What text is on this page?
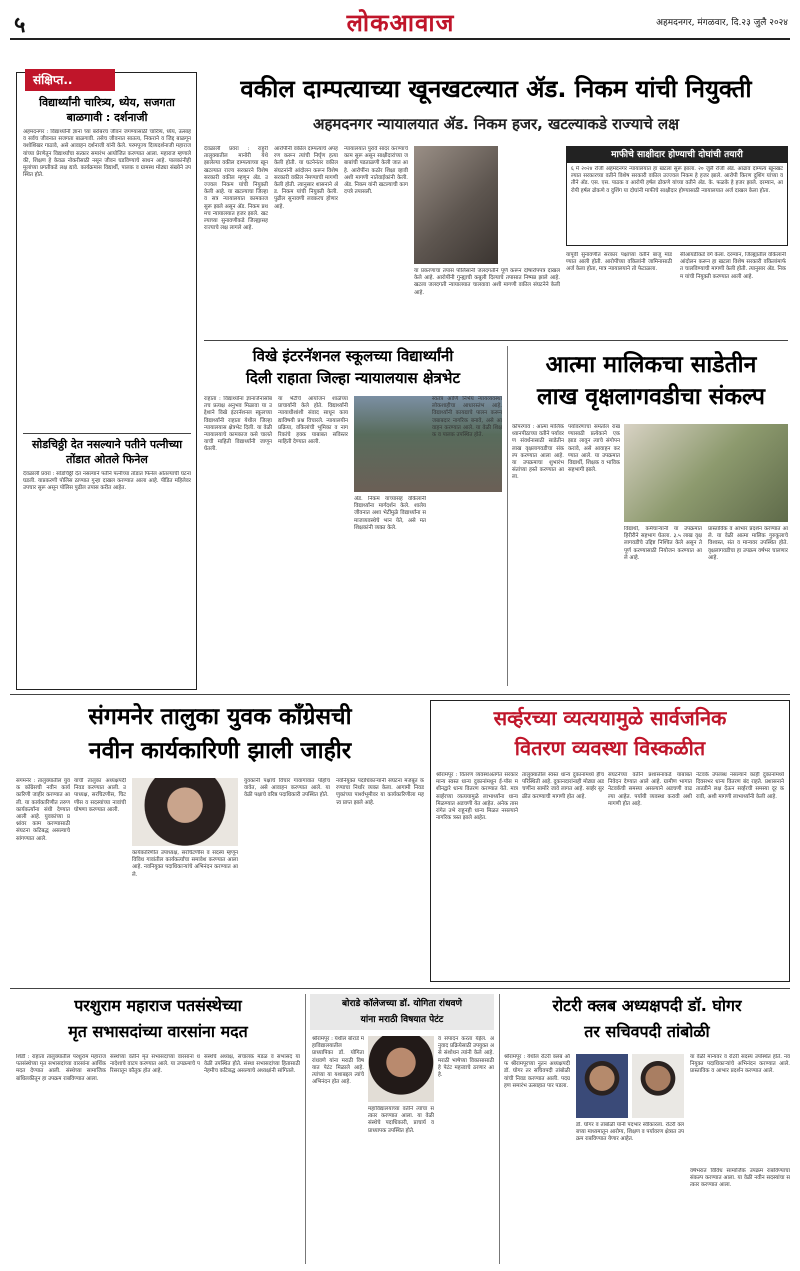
५	लोकआवाज	अहमदनगर, मंगळवार, दि.२३ जुलै २०२४
संक्षिप्त..
विद्यार्थ्यांनी चारित्र्य, ध्येय, सजगता बाळगावी : दर्शनाजी
अहमदनगर : विद्यार्थ्यांनी ज्ञाना च्या बरोबरच जीवन जगण्यासाठी चारित्र्य, ध्येय, उत्साह व सर्वच जीवनात सजगता बाळगावी. तसेच जीवनात सातत्य, निकराने व जिद्द बाळगून यशोशिखर गाठावे, असे आवाहन दर्शनाजी यांनी केले. परमपूज्य दिव्यदर्शनाजी महाराज यांच्या प्रेरणेतून विद्यार्थ्यांचा सत्कार समारंभ आयोजित करण्यात आला. महाराज म्हणाले की, शिक्षण हे केवळ नोकरीसाठी नसून जीवन घडविण्याचे साधन आहे. पालकांनीही मुलांच्या प्रगतीकडे लक्ष द्यावे. कार्यक्रमास विद्यार्थी, पालक व ग्रामस्थ मोठ्या संख्येने उपस्थित होते.
सोडचिठ्ठी देत नसल्याने पतीने पत्नीच्या तोंडात ओतले फिनेल
देवळाली प्रवरा : सोडचिठ्ठी देत नसल्याने पतीने पत्नीच्या तोंडात फिनेल ओतल्याची घटना घडली. याप्रकरणी पोलिस ठाण्यात गुन्हा दाखल करण्यात आला आहे. पीडित महिलेवर उपचार सुरू असून पोलिस पुढील तपास करीत आहेत.
वकील दाम्पत्याच्या खूनखटल्यात ॲड. निकम यांची नियुक्ती
अहमदनगर न्यायालयात ॲड. निकम हजर, खटल्याकडे राज्याचे लक्ष
देवळाली प्रवरा : राहुरी तालुक्यातील मानोरी येथे झालेल्या वकील दाम्पत्याच्या खून खटल्यात राज्य सरकारने विशेष सरकारी वकील म्हणून ॲड. उज्ज्वल निकम यांची नियुक्ती केली आहे. या खटल्याचा जिल्हा व सत्र न्यायालयात कामकाज सुरू झाले असून ॲड. निकम प्रथमच न्यायालयात हजर झाले. खटल्याच्या सुनावणीकडे जिल्ह्यासह राज्याचे लक्ष लागले आहे.
आरोपींनी वकील दाम्पत्याचे अपहरण करून त्यांची निर्घृण हत्या केली होती. या घटनेनंतर वकील संघटनांनी आंदोलन करून विशेष सरकारी वकील नेमण्याची मागणी केली होती. त्यानुसार शासनाने ॲड. निकम यांची नियुक्ती केली. पुढील सुनावणी लवकरच होणार आहे.
न्यायालयात पुरावे सादर करण्याचे काम सुरू असून साक्षीदारांच्या जबाबांची पडताळणी केली जात आहे. आरोपींना कठोर शिक्षा व्हावी अशी मागणी नातेवाईकांनी केली. ॲड. निकम यांनी खटल्याची कागदपत्रे तपासली.
या प्रकरणाचा तपास पोलिसांनी जलदगतीने पूर्ण करून दोषारोपपत्र दाखल केले आहे. आरोपींनी गुन्ह्याची कबुली दिल्याचे तपासात निष्पन्न झाले आहे. खटला जलदगती न्यायालयात चालवावा अशी मागणी वकील संघटनेने केली आहे.
माफीचे साक्षीदार होण्याची दोघांची तयारी
६ मे २०२४ रोजी अहमदनगर न्यायालयात हा खटला सुरू झाला. २० जुलै रोजी ॲड. आढाव दाम्पत्य खूनखटल्यात सरकारच्या वतीने विशेष सरकारी वकील उज्ज्वल निकम हे हजर झाले. आरोपी किरण दुशिंग यांच्या वतीने ॲड. एस. एस. पाठक व आरोपी हर्षल ढोकणे यांच्या वतीने ॲड. के. फळके हे हजर झाले. दरम्यान, आरोपी हर्षल ढोकणे व दुशिंग या दोघांनी माफीचे साक्षीदार होण्यासाठी न्यायालयात अर्ज दाखल केला होता.
यापूर्वी सुनावणीत सरकार पक्षाच्या वतीने बाजू मांडण्यात आली होती. आरोपींच्या वकिलांनी जामिनासाठी अर्ज केला होता, मात्र न्यायालयाने तो फेटाळला.
सीआयडीकडे वर्ग केला. दरम्यान, जिल्ह्यातील वकिलांनी आंदोलन करून हा खटला विशेष सरकारी वकिलांमार्फत चालविण्याची मागणी केली होती. त्यानुसार ॲड. निकम यांची नियुक्ती करण्यात आली आहे.
विखे इंटरनॅशनल स्कूलच्या विद्यार्थ्यांनी
दिली राहाता जिल्हा न्यायालयास क्षेत्रभेट
राहाता : विद्यार्थ्यांना ज्ञानार्जनासोबतच प्रत्यक्ष अनुभव मिळावा या उद्देशाने विखे इंटरनॅशनल स्कूलच्या विद्यार्थ्यांनी राहाता येथील जिल्हा न्यायालयास क्षेत्रभेट दिली. या वेळी न्यायालयाचे कामकाज कसे चालते याची माहिती विद्यार्थ्यांनी जाणून घेतली.
या भेटीचे आयोजन शाळेच्या प्राचार्यांनी केले होते. विद्यार्थ्यांनी न्यायाधीशांशी संवाद साधून कायद्याविषयी प्रश्न विचारले. न्यायालयीन प्रक्रिया, वकिलांची भूमिका व नागरिकांचे हक्क याबाबत सविस्तर माहिती देण्यात आली.
ॲड. निकम यांच्यासह वकिलांनी विद्यार्थ्यांना मार्गदर्शन केले. शालेय जीवनात अशा भेटींमुळे विद्यार्थ्यांना समाजव्यवस्थेचे भान येते, असे मत शिक्षकांनी व्यक्त केले.
स्वतंत्र आणि निर्भय न्यायव्यवस्था लोकशाहीचा आधारस्तंभ आहे. विद्यार्थ्यांनी कायद्याचे पालन करून जबाबदार नागरिक बनावे, असे आवाहन करण्यात आले. या वेळी शिक्षक व पालक उपस्थित होते.
आत्मा मालिकचा साडेतीन
लाख वृक्षलागवडीचा संकल्प
कोपरगाव : आत्मा मालिक ध्यानपीठाच्या वतीने पर्यावरण संवर्धनासाठी साडेतीन लाख वृक्षलागवडीचा संकल्प करण्यात आला आहे. या उपक्रमाचा शुभारंभ संतांच्या हस्ते करण्यात आला.
पर्यावरणाचा समतोल राखण्यासाठी प्रत्येकाने एक झाड लावून त्याचे संगोपन करावे, असे आवाहन करण्यात आले. या उपक्रमात विद्यार्थी, शिक्षक व भाविक सहभागी झाले.
विद्यार्थी, कर्मचाऱ्यांनी या उपक्रमात हिरीरीने सहभाग घेतला. ३.५ लाख वृक्षलागवडीचे उद्दिष्ट निश्चित केले असून ते पूर्ण करण्यासाठी नियोजन करण्यात आले आहे.
प्रास्ताविक व आभार प्रदर्शन करण्यात आले. या वेळी आत्मा मालिक गुरुकुलाचे विश्वस्त, संत व मान्यवर उपस्थित होते. वृक्षलागवडीचा हा उपक्रम वर्षभर चालणार आहे.
संगमनेर तालुका युवक काँग्रेसची
नवीन कार्यकारिणी झाली जाहीर
संगमनेर : तालुक्यातील युवक काँग्रेसची नवीन कार्यकारिणी जाहीर करण्यात आली. या कार्यकारिणीत तरुण कार्यकर्त्यांना संधी देण्यात आली आहे. युवकांच्या प्रश्नांवर काम करण्यासाठी संघटना कटिबद्ध असल्याचे सांगण्यात आले.
यांची तालुका अध्यक्षपदी निवड करण्यात आली. उपाध्यक्ष, सरचिटणीस, चिटणीस व सदस्यांच्या नावांची घोषणा करण्यात आली.
कार्यकारिणीत उपाध्यक्ष, सरचिटणीस व सदस्य म्हणून विविध गावांतील कार्यकर्त्यांचा समावेश करण्यात आला आहे. नवनियुक्त पदाधिकाऱ्यांचे अभिनंदन करण्यात आले.
युवकांनी पक्षाचे विचार गावागावांत पोहोचवावेत, असे आवाहन करण्यात आले. या वेळी पक्षाचे वरिष्ठ पदाधिकारी उपस्थित होते.
नवनियुक्त पदाधिकाऱ्यांनी संघटना मजबूत करण्याचा निर्धार व्यक्त केला. आगामी निवडणुकांच्या पार्श्वभूमीवर या कार्यकारिणीला महत्त्व प्राप्त झाले आहे.
सर्व्हरच्या व्यत्ययामुळे सार्वजनिक
वितरण व्यवस्था विस्कळीत
श्रीरामपूर : वितरण व्यवस्थेअंतर्गत सरकार मान्य स्वस्त धान्य दुकानांमधून ई-पॉस मशीनद्वारे धान्य वितरण करण्यात येते. मात्र सर्व्हरच्या व्यत्ययामुळे लाभार्थ्यांना धान्य मिळण्यात अडचणी येत आहेत. अनेक तास रांगेत उभे राहूनही धान्य मिळत नसल्याने नागरिक त्रस्त झाले आहेत.
तालुक्यातील स्वस्त धान्य दुकानांमध्ये हीच परिस्थिती आहे. दुकानदारांनाही मोठ्या अडचणींना सामोरे जावे लागत आहे. सर्व्हर सुरळीत करण्याची मागणी होत आहे.
संघटनेच्या वतीने प्रशासनाकडे याबाबत निवेदन देण्यात आले आहे. ग्रामीण भागात नेटवर्कची समस्या असल्याने अडचणी वाढल्या आहेत. पर्यायी व्यवस्था करावी अशी मागणी होत आहे.
नेटवर्क उपलब्ध नसल्याने काही दुकानांमध्ये दिवसभर धान्य वितरण बंद राहते. प्रशासनाने तातडीने लक्ष देऊन सर्व्हरची समस्या दूर करावी, अशी मागणी लाभार्थ्यांनी केली आहे.
परशुराम महाराज पतसंस्थेच्या
मृत सभासदांच्या वारसांना मदत
शिर्डी : राहाता तालुक्यातील परशुराम महाराज पतसंस्थेच्या मृत सभासदांच्या वारसांना आर्थिक मदत देण्यात आली. संस्थेच्या सामाजिक बांधिलकीतून हा उपक्रम राबविण्यात आला.
संस्थेच्या वतीने मृत सभासदांच्या वारसांना धनादेशाचे वाटप करण्यात आले. या उपक्रमाचे परिसरातून कौतुक होत आहे.
संस्थेचे अध्यक्ष, संचालक मंडळ व सभासद या वेळी उपस्थित होते. संस्था सभासदांच्या हितासाठी नेहमीच कटिबद्ध असल्याचे अध्यक्षांनी सांगितले.
बोराडे कॉलेजच्या डॉ. योगिता रांधवणे
यांना मराठी विषयात पेटंट
श्रीरामपूर : येथील बोराडे महाविद्यालयातील प्राध्यापिका डॉ. योगिता रांधवणे यांना मराठी विषयात पेटंट मिळाले आहे. त्यांच्या या यशाबद्दल त्यांचे अभिनंदन होत आहे.
व संपादन करता येईल. अनुवाद प्रक्रियेसाठी उपयुक्त असे संशोधन त्यांनी केले आहे. मराठी भाषेच्या विकासासाठी हे पेटंट महत्त्वाचे ठरणार आहे.
महाविद्यालयाच्या वतीने त्यांचा सत्कार करण्यात आला. या वेळी संस्थेचे पदाधिकारी, प्राचार्य व प्राध्यापक उपस्थित होते.
रोटरी क्लब अध्यक्षपदी डॉ. घोगर
तर सचिवपदी तांबोळी
श्रीरामपूर : येथील रोटरी क्लब ऑफ श्रीरामपूरच्या नूतन अध्यक्षपदी डॉ. घोगर तर सचिवपदी तांबोळी यांची निवड करण्यात आली. पदग्रहण समारंभ उत्साहात पार पडला.
डॉ. घोगर व तांबोळी यांनी पदभार स्वीकारला. रोटरी क्लबच्या माध्यमातून आरोग्य, शिक्षण व पर्यावरण क्षेत्रात उपक्रम राबविण्यात येणार आहेत.
या वेळी मान्यवर व रोटरी सदस्य उपस्थित होते. नवनियुक्त पदाधिकाऱ्यांचे अभिनंदन करण्यात आले. प्रास्ताविक व आभार प्रदर्शन करण्यात आले.
वर्षभरात विविध सामाजिक उपक्रम राबविण्याचा संकल्प करण्यात आला. या वेळी नवीन सदस्यांचा सत्कार करण्यात आला.
